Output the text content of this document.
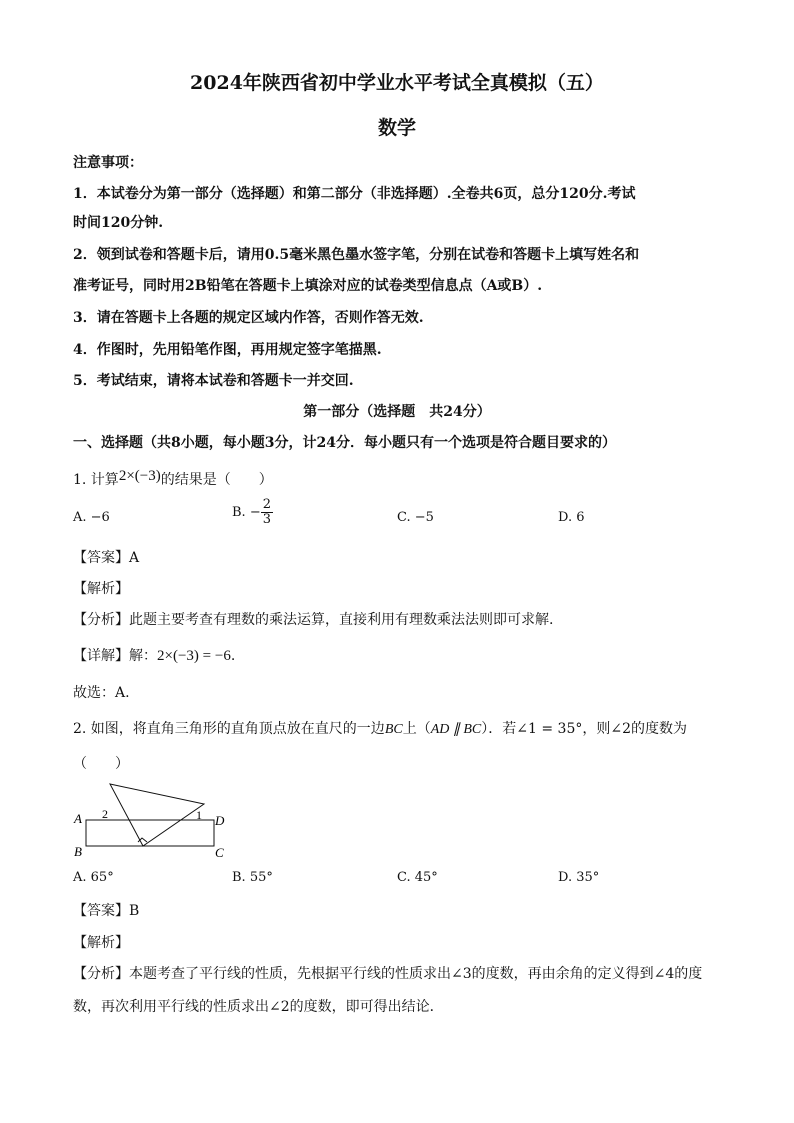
2024年陕西省初中学业水平考试全真模拟（五）
数学
注意事项：
1．本试卷分为第一部分（选择题）和第二部分（非选择题）.全卷共6页，总分120分.考试
时间120分钟.
2．领到试卷和答题卡后，请用0.5毫米黑色墨水签字笔，分别在试卷和答题卡上填写姓名和
准考证号，同时用2B铅笔在答题卡上填涂对应的试卷类型信息点（A或B）.
3．请在答题卡上各题的规定区域内作答，否则作答无效.
4．作图时，先用铅笔作图，再用规定签字笔描黑.
5．考试结束，请将本试卷和答题卡一并交回.
第一部分（选择题　共24分）
一、选择题（共8小题，每小题3分，计24分．每小题只有一个选项是符合题目要求的）
1. 计算2×(−3)的结果是（　　）
A. −6	B. − $\frac{2}{3}$	C. −5	D. 6
【答案】A
【解析】
【分析】此题主要考查有理数的乘法运算，直接利用有理数乘法法则即可求解.
【详解】解：2×(−3) = −6.
故选：A.
2. 如图，将直角三角形的直角顶点放在直尺的一边BC上（AD ∥ BC）．若∠1 = 35°，则∠2的度数为
（　　）
A
B	C
D
2	1
A. 65°	B. 55°	C. 45°	D. 35°
【答案】B
【解析】
【分析】本题考查了平行线的性质，先根据平行线的性质求出∠3的度数，再由余角的定义得到∠4的度
数，再次利用平行线的性质求出∠2的度数，即可得出结论．
